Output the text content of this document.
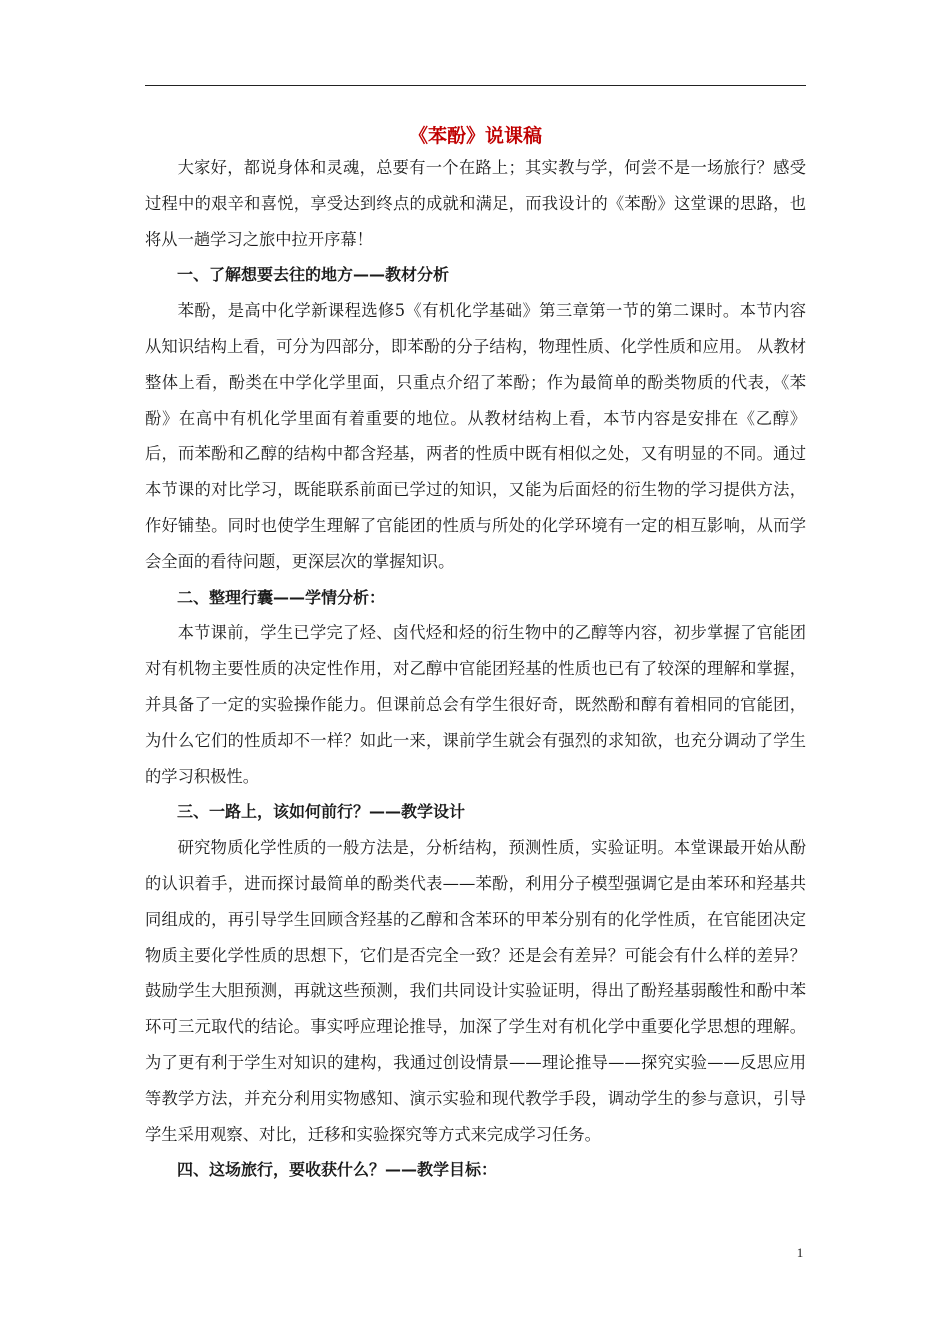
《苯酚》说课稿

大家好，都说身体和灵魂，总要有一个在路上；其实教与学，何尝不是一场旅行？感受过程中的艰辛和喜悦，享受达到终点的成就和满足，而我设计的《苯酚》这堂课的思路，也将从一趟学习之旅中拉开序幕！

一、了解想要去往的地方——教材分析

苯酚，是高中化学新课程选修5《有机化学基础》第三章第一节的第二课时。本节内容从知识结构上看，可分为四部分，即苯酚的分子结构，物理性质、化学性质和应用。 从教材整体上看，酚类在中学化学里面，只重点介绍了苯酚；作为最简单的酚类物质的代表，《苯酚》在高中有机化学里面有着重要的地位。从教材结构上看，本节内容是安排在《乙醇》后，而苯酚和乙醇的结构中都含羟基，两者的性质中既有相似之处，又有明显的不同。通过本节课的对比学习，既能联系前面已学过的知识，又能为后面烃的衍生物的学习提供方法，作好铺垫。同时也使学生理解了官能团的性质与所处的化学环境有一定的相互影响，从而学会全面的看待问题，更深层次的掌握知识。

二、整理行囊——学情分析：

本节课前，学生已学完了烃、卤代烃和烃的衍生物中的乙醇等内容，初步掌握了官能团对有机物主要性质的决定性作用，对乙醇中官能团羟基的性质也已有了较深的理解和掌握，并具备了一定的实验操作能力。但课前总会有学生很好奇，既然酚和醇有着相同的官能团，为什么它们的性质却不一样？如此一来，课前学生就会有强烈的求知欲，也充分调动了学生的学习积极性。

三、一路上，该如何前行？——教学设计

研究物质化学性质的一般方法是，分析结构，预测性质，实验证明。本堂课最开始从酚的认识着手，进而探讨最简单的酚类代表——苯酚，利用分子模型强调它是由苯环和羟基共同组成的，再引导学生回顾含羟基的乙醇和含苯环的甲苯分别有的化学性质，在官能团决定物质主要化学性质的思想下，它们是否完全一致？还是会有差异？可能会有什么样的差异？鼓励学生大胆预测，再就这些预测，我们共同设计实验证明，得出了酚羟基弱酸性和酚中苯环可三元取代的结论。事实呼应理论推导，加深了学生对有机化学中重要化学思想的理解。为了更有利于学生对知识的建构，我通过创设情景——理论推导——探究实验——反思应用等教学方法，并充分利用实物感知、演示实验和现代教学手段，调动学生的参与意识，引导学生采用观察、对比，迁移和实验探究等方式来完成学习任务。

四、这场旅行，要收获什么？——教学目标：

1
